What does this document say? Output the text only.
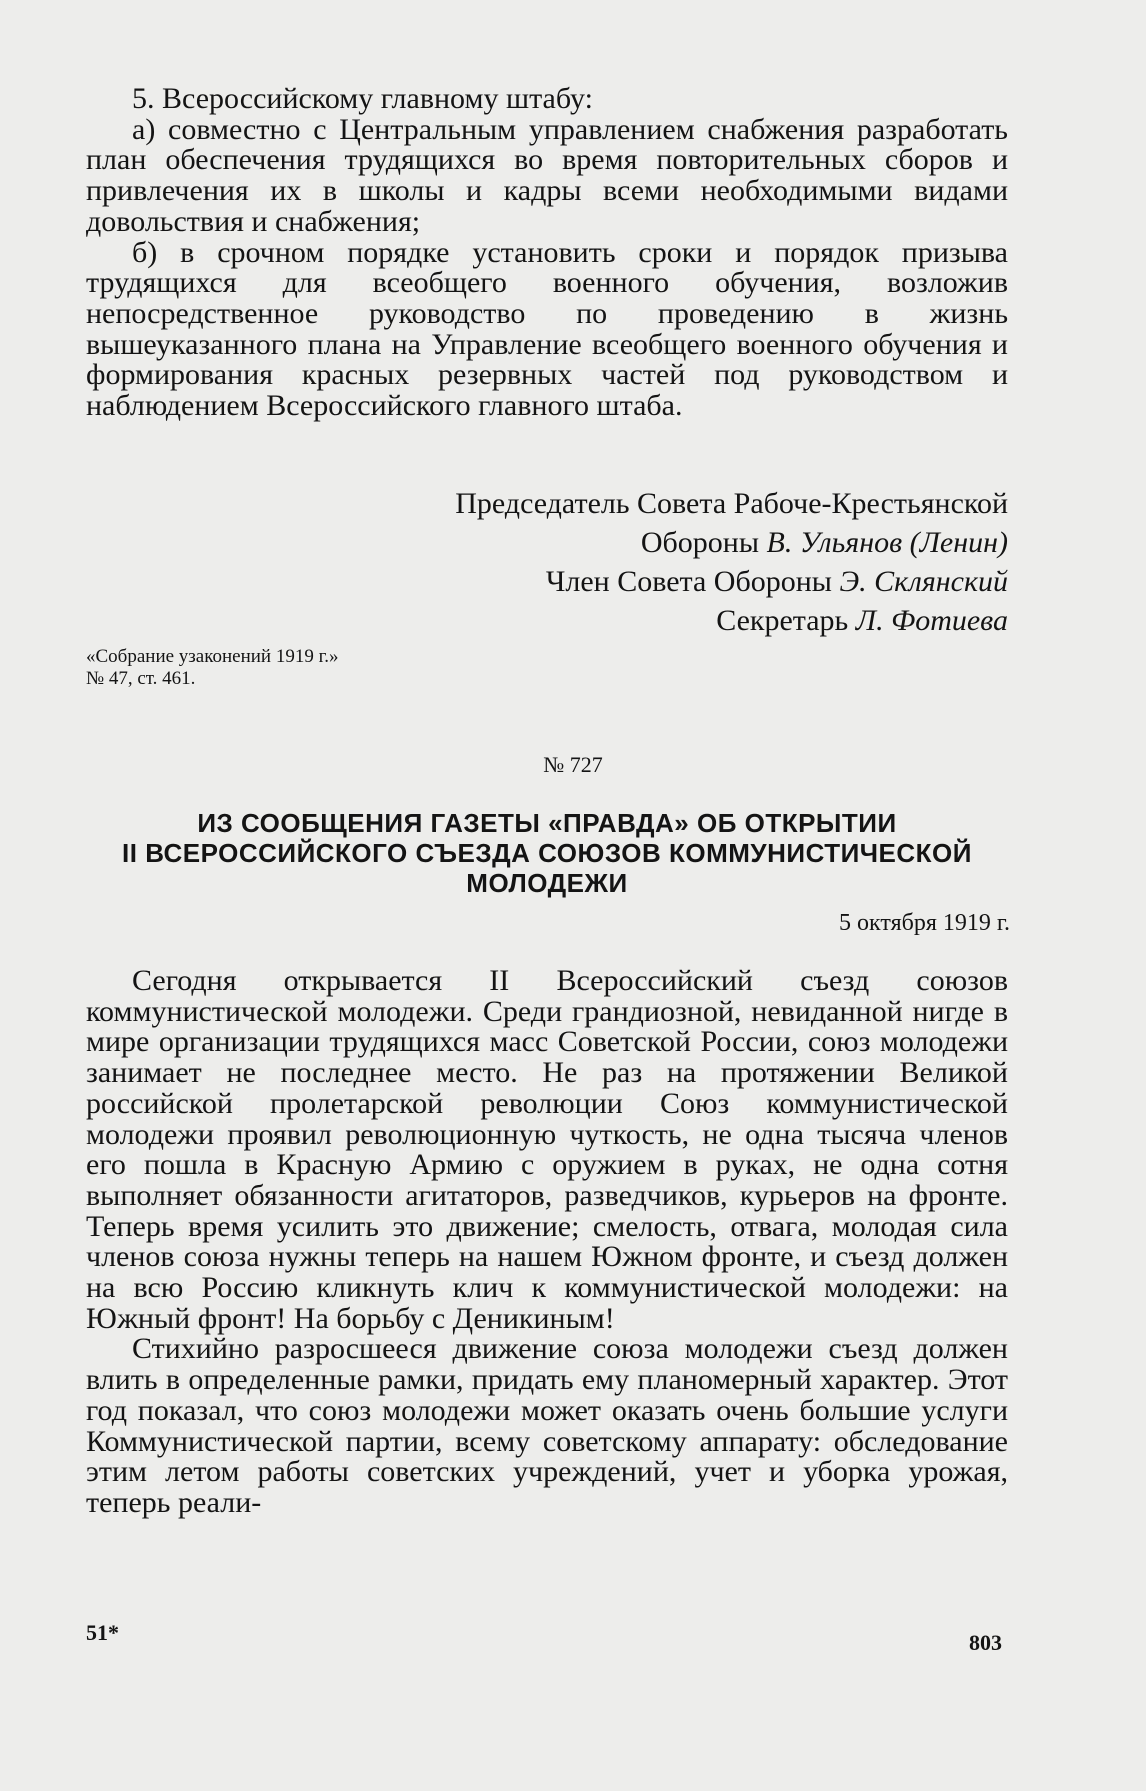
5. Всероссийскому главному штабу:

а) совместно с Центральным управлением снабжения разработать план обеспечения трудящихся во время повторительных сборов и привлечения их в школы и кадры всеми необходимыми видами довольствия и снабжения;

б) в срочном порядке установить сроки и порядок призыва трудящихся для всеобщего военного обучения, возложив непосредственное руководство по проведению в жизнь вышеуказанного плана на Управление всеобщего военного обучения и формирования красных резервных частей под руководством и наблюдением Всероссийского главного штаба.

Председатель Совета Рабоче-Крестьянской

Обороны В. Ульянов (Ленин)

Член Совета Обороны Э. Склянский

Секретарь Л. Фотиева

«Собрание узаконений 1919 г.»
№ 47, ст. 461.
№ 727
ИЗ СООБЩЕНИЯ ГАЗЕТЫ «ПРАВДА» ОБ ОТКРЫТИИ
II ВСЕРОССИЙСКОГО СЪЕЗДА СОЮЗОВ КОММУНИСТИЧЕСКОЙ
МОЛОДЕЖИ
5 октября 1919 г.

Сегодня открывается II Всероссийский съезд союзов коммунистической молодежи. Среди грандиозной, невиданной нигде в мире организации трудящихся масс Советской России, союз молодежи занимает не последнее место. Не раз на протяжении Великой российской пролетарской революции Союз коммунистической молодежи проявил революционную чуткость, не одна тысяча членов его пошла в Красную Армию с оружием в руках, не одна сотня выполняет обязанности агитаторов, разведчиков, курьеров на фронте. Теперь время усилить это движение; смелость, отвага, молодая сила членов союза нужны теперь на нашем Южном фронте, и съезд должен на всю Россию кликнуть клич к коммунистической молодежи: на Южный фронт! На борьбу с Деникиным!

Стихийно разросшееся движение союза молодежи съезд должен влить в определенные рамки, придать ему планомерный характер. Этот год показал, что союз молодежи может оказать очень большие услуги Коммунистической партии, всему советскому аппарату: обследование этим летом работы советских учреждений, учет и уборка урожая, теперь реали-

51*	803
